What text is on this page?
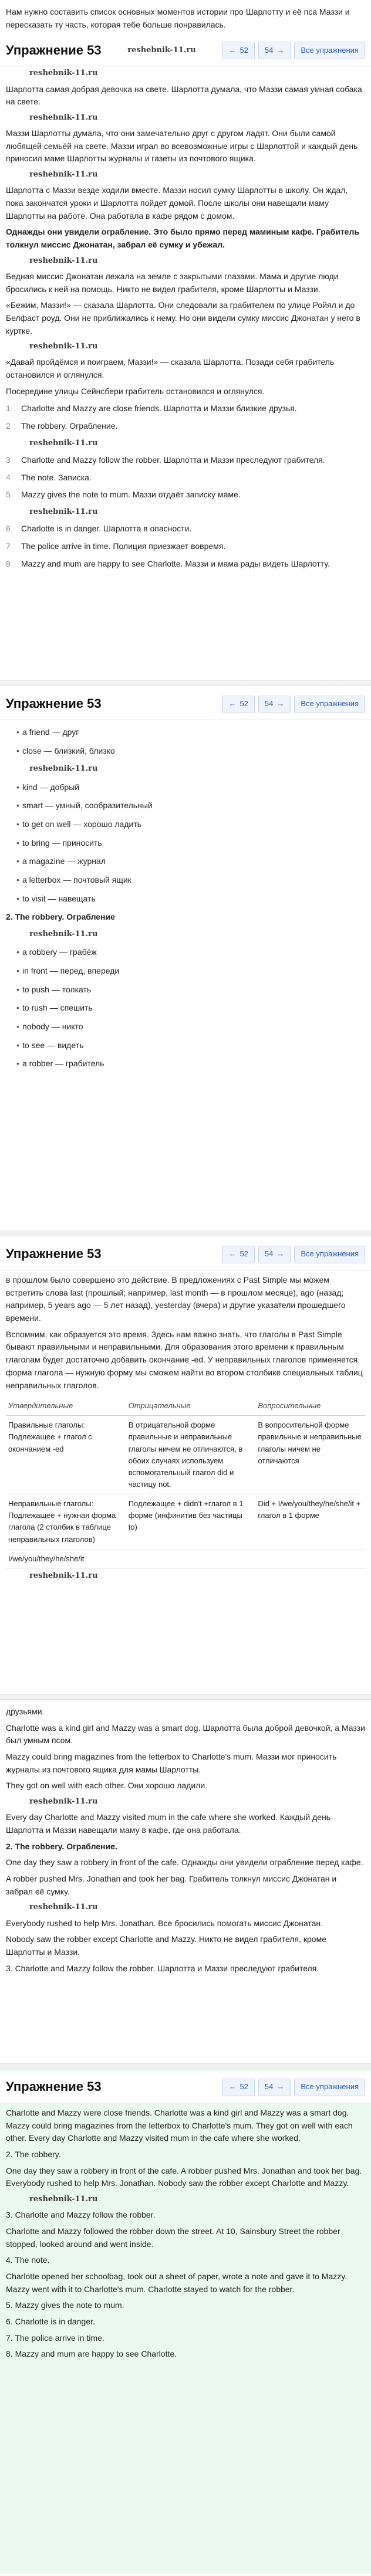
Нам нужно составить список основных моментов истории про Шарлотту и её пса Маззи и пересказать ту часть, которая тебе больше понравилась.

Упражнение 53	reshebnik-11.ru	← 52 54 →	Все упражнения
reshebnik-11.ru

Шарлотта самая добрая девочка на свете. Шарлотта думала, что Маззи самая умная собака на свете.

reshebnik-11.ru

Маззи Шарлотты думала, что они замечательно друг с другом ладят. Они были самой любящей семьёй на свете. Маззи играл во всевозможные игры с Шарлоттой и каждый день приносил маме Шарлотты журналы и газеты из почтового ящика.

reshebnik-11.ru

Шарлотта с Маззи везде ходили вместе. Маззи носил сумку Шарлотты в школу. Он ждал, пока закончатся уроки и Шарлотта пойдет домой. После школы они навещали маму Шарлотты на работе. Она работала в кафе рядом с домом.

Однажды они увидели ограбление. Это было прямо перед маминым кафе. Грабитель толкнул миссис Джонатан, забрал её сумку и убежал.

reshebnik-11.ru

Бедная миссис Джонатан лежала на земле с закрытыми глазами. Мама и другие люди бросились к ней на помощь. Никто не видел грабителя, кроме Шарлотты и Маззи.

«Бежим, Маззи!» — сказала Шарлотта. Они следовали за грабителем по улице Ройял и до Белфаст роуд. Они не приближались к нему. Но они видели сумку миссис Джонатан у него в куртке.

reshebnik-11.ru

«Давай пройдёмся и поиграем, Маззи!» — сказала Шарлотта. Позади себя грабитель остановился и оглянулся.

Посередине улицы Сейнсбери грабитель остановился и оглянулся.

1	Charlotte and Mazzy are close friends. Шарлотта и Маззи близкие друзья.
2	The robbery. Ограбление.
reshebnik-11.ru
3	Charlotte and Mazzy follow the robber. Шарлотта и Маззи преследуют грабителя.
4	The note. Записка.
5	Mazzy gives the note to mum. Маззи отдаёт записку маме.
reshebnik-11.ru
6	Charlotte is in danger. Шарлотта в опасности.
7	The police arrive in time. Полиция приезжает вовремя.
8	Mazzy and mum are happy to see Charlotte. Маззи и мама рады видеть Шарлотту.
Упражнение 53	← 52 54 →	Все упражнения
• a friend — друг
• close — близкий, близко
reshebnik-11.ru
• kind — добрый
• smart — умный, сообразительный
• to get on well — хорошо ладить
• to bring — приносить
• a magazine — журнал
• a letterbox — почтовый ящик
• to visit — навещать

2. The robbery. Ограбление

reshebnik-11.ru
• a robbery — грабёж
• in front — перед, впереди
• to push — толкать
• to rush — спешить
• nobody — никто
• to see — видеть
• a robber — грабитель
Упражнение 53	← 52 54 →	Все упражнения

в прошлом было совершено это действие. В предложениях с Past Simple мы можем встретить слова last (прошлый; например, last month — в прошлом месяце), ago (назад; например, 5 years ago — 5 лет назад), yesterday (вчера) и другие указатели прошедшего времени.

Вспомним, как образуется это время. Здесь нам важно знать, что глаголы в Past Simple бывают правильными и неправильными. Для образования этого времени к правильным глаголам будет достаточно добавить окончание -ed. У неправильных глаголов применяется форма глагола — нужную форму мы сможем найти во втором столбике специальных таблиц неправильных глаголов.

Утвердительные	Отрицательные	Вопросительные
Правильные глаголы: Подлежащее + глагол с окончанием -ed	В отрицательной форме правильные и неправильные глаголы ничем не отличаются, в обоих случаях используем вспомогательный глагол did и частицу not.	В вопросительной форме правильные и неправильные глаголы ничем не отличаются
Неправильные глаголы: Подлежащее + нужная форма глагола (2 столбик в таблице неправильных глаголов)	Подлежащее + didn't +глагол в 1 форме (инфинитив без частицы to)	Did + I/we/you/they/he/she/it + глагол в 1 форме
I/we/you/they/he/she/it		
reshebnik-11.ru

друзьями.

Charlotte was a kind girl and Mazzy was a smart dog. Шарлотта была доброй девочкой, а Маззи был умным псом.

Mazzy could bring magazines from the letterbox to Charlotte's mum. Маззи мог приносить журналы из почтового ящика для мамы Шарлотты.

They got on well with each other. Они хорошо ладили.

reshebnik-11.ru

Every day Charlotte and Mazzy visited mum in the cafe where she worked. Каждый день Шарлотта и Маззи навещали маму в кафе, где она работала.

2. The robbery. Ограбление.

One day they saw a robbery in front of the cafe. Однажды они увидели ограбление перед кафе.

A robber pushed Mrs. Jonathan and took her bag. Грабитель толкнул миссис Джонатан и забрал её сумку.

reshebnik-11.ru

Everybody rushed to help Mrs. Jonathan. Все бросились помогать миссис Джонатан.

Nobody saw the robber except Charlotte and Mazzy. Никто не видел грабителя, кроме Шарлотты и Маззи.

3. Charlotte and Mazzy follow the robber. Шарлотта и Маззи преследуют грабителя.

Упражнение 53	← 52 54 →	Все упражнения

Charlotte and Mazzy were close friends. Charlotte was a kind girl and Mazzy was a smart dog. Mazzy could bring magazines from the letterbox to Charlotte's mum. They got on well with each other. Every day Charlotte and Mazzy visited mum in the cafe where she worked.

2. The robbery.

One day they saw a robbery in front of the cafe. A robber pushed Mrs. Jonathan and took her bag. Everybody rushed to help Mrs. Jonathan. Nobody saw the robber except Charlotte and Mazzy.

reshebnik-11.ru

3. Charlotte and Mazzy follow the robber.

Charlotte and Mazzy followed the robber down the street. At 10, Sainsbury Street the robber stopped, looked around and went inside.

4. The note.

Charlotte opened her schoolbag, took out a sheet of paper, wrote a note and gave it to Mazzy. Mazzy went with it to Charlotte's mum. Charlotte stayed to watch for the robber.

5. Mazzy gives the note to mum.

6. Charlotte is in danger.

7. The police arrive in time.

8. Mazzy and mum are happy to see Charlotte.
